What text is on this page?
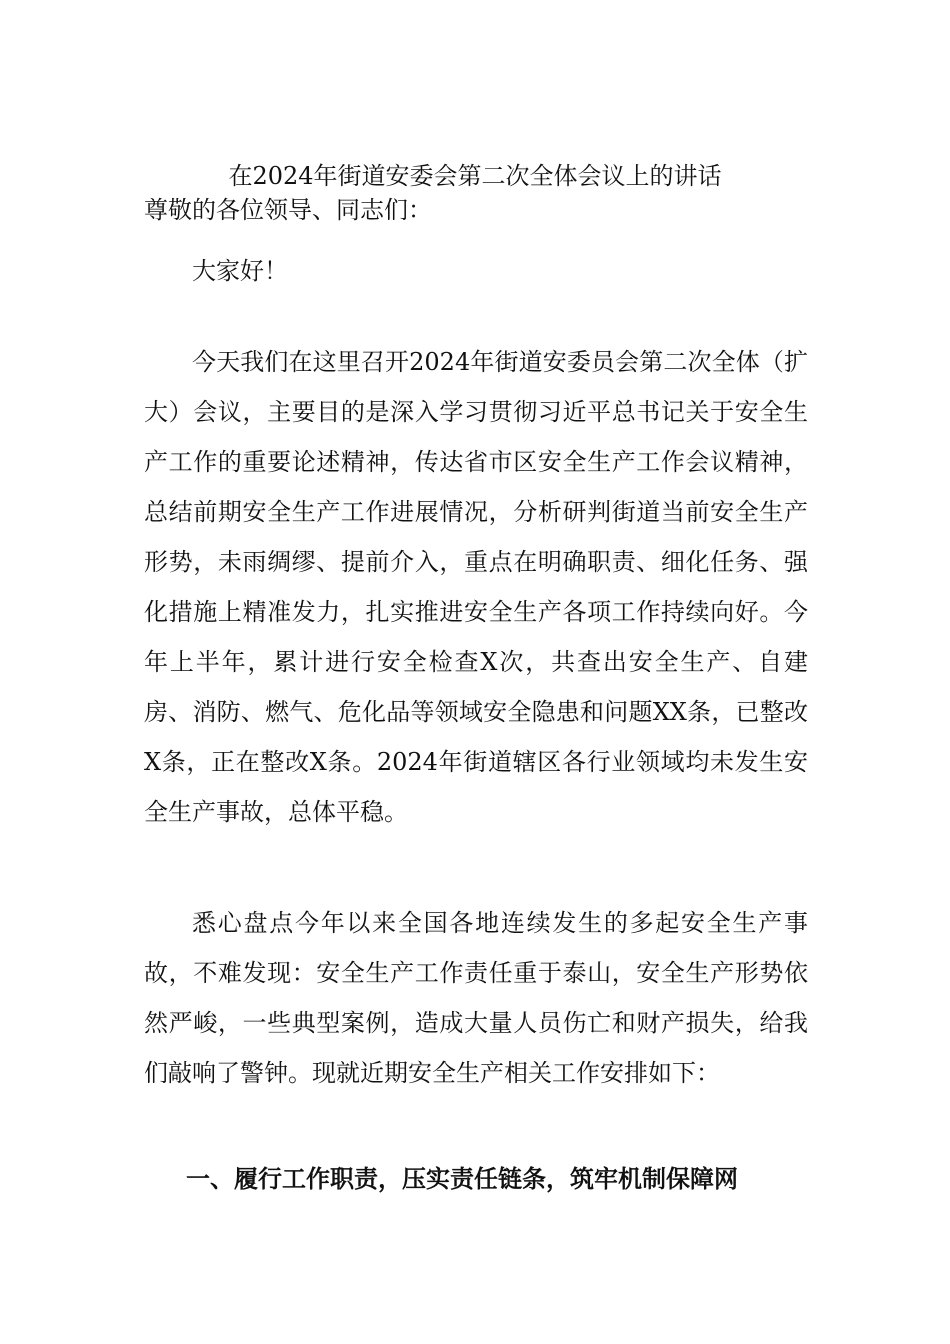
在2024年街道安委会第二次全体会议上的讲话
尊敬的各位领导、同志们：
大家好！

今天我们在这里召开2024年街道安委员会第二次全体（扩大）会议，主要目的是深入学习贯彻习近平总书记关于安全生产工作的重要论述精神，传达省市区安全生产工作会议精神，总结前期安全生产工作进展情况，分析研判街道当前安全生产形势，未雨绸缪、提前介入，重点在明确职责、细化任务、强化措施上精准发力，扎实推进安全生产各项工作持续向好。今年上半年，累计进行安全检查X次，共查出安全生产、自建房、消防、燃气、危化品等领域安全隐患和问题XX条，已整改X条，正在整改X条。2024年街道辖区各行业领域均未发生安全生产事故，总体平稳。

悉心盘点今年以来全国各地连续发生的多起安全生产事故，不难发现：安全生产工作责任重于泰山，安全生产形势依然严峻，一些典型案例，造成大量人员伤亡和财产损失，给我们敲响了警钟。现就近期安全生产相关工作安排如下：

一、履行工作职责，压实责任链条，筑牢机制保障网
